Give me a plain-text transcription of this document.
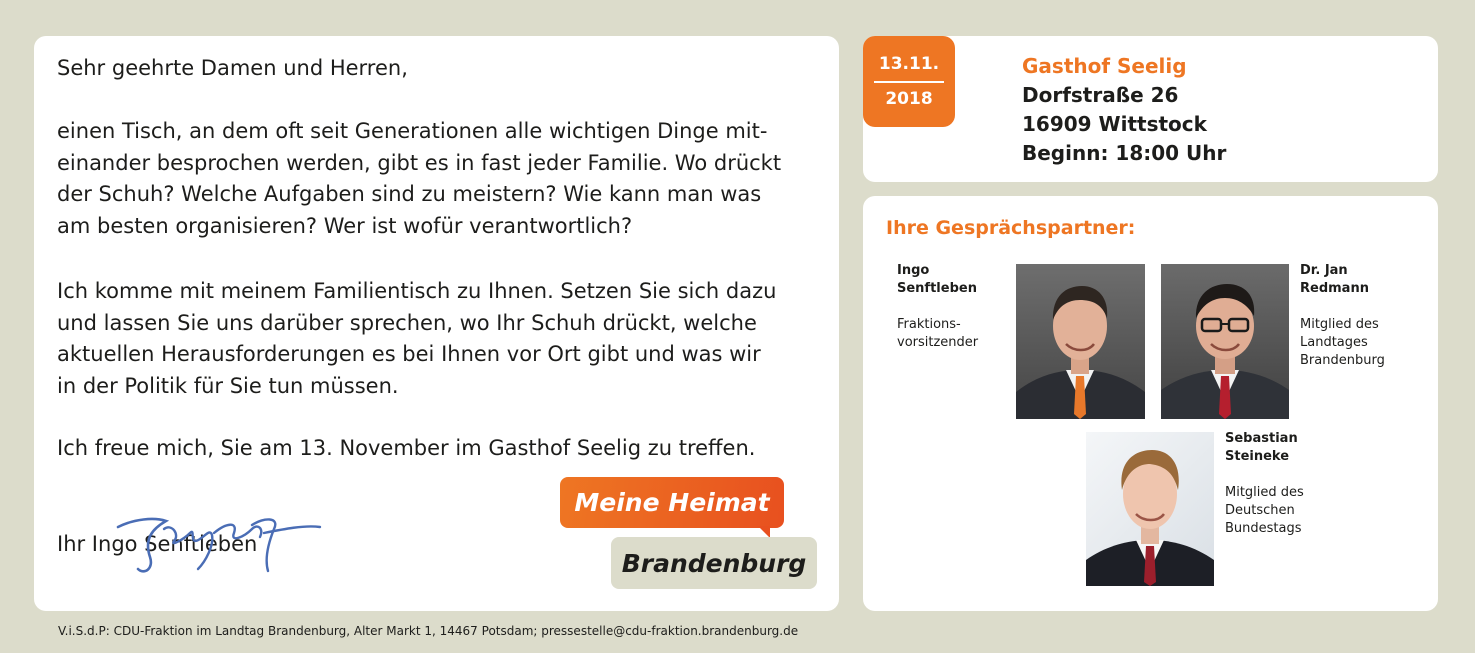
Sehr geehrte Damen und Herren,

einen Tisch, an dem oft seit Generationen alle wichtigen Dinge mit-
einander besprochen werden, gibt es in fast jeder Familie. Wo drückt
der Schuh? Welche Aufgaben sind zu meistern? Wie kann man was
am besten organisieren? Wer ist wofür verantwortlich?

Ich komme mit meinem Familientisch zu Ihnen. Setzen Sie sich dazu
und lassen Sie uns darüber sprechen, wo Ihr Schuh drückt, welche
aktuellen Herausforderungen es bei Ihnen vor Ort gibt und was wir
in der Politik für Sie tun müssen.

Ich freue mich, Sie am 13. November im Gasthof Seelig zu treffen.

Ihr Ingo Senftleben

Meine Heimat
Brandenburg
13.11.
2018
Gasthof Seelig
Dorfstraße 26
16909 Wittstock
Beginn: 18:00 Uhr
Ihre Gesprächspartner:
Ingo
Senftleben
Fraktions-
vorsitzender
Dr. Jan
Redmann
Mitglied des
Landtages
Brandenburg
Sebastian
Steineke
Mitglied des
Deutschen
Bundestags
V.i.S.d.P: CDU-Fraktion im Landtag Brandenburg, Alter Markt 1, 14467 Potsdam; pressestelle@cdu-fraktion.brandenburg.de
